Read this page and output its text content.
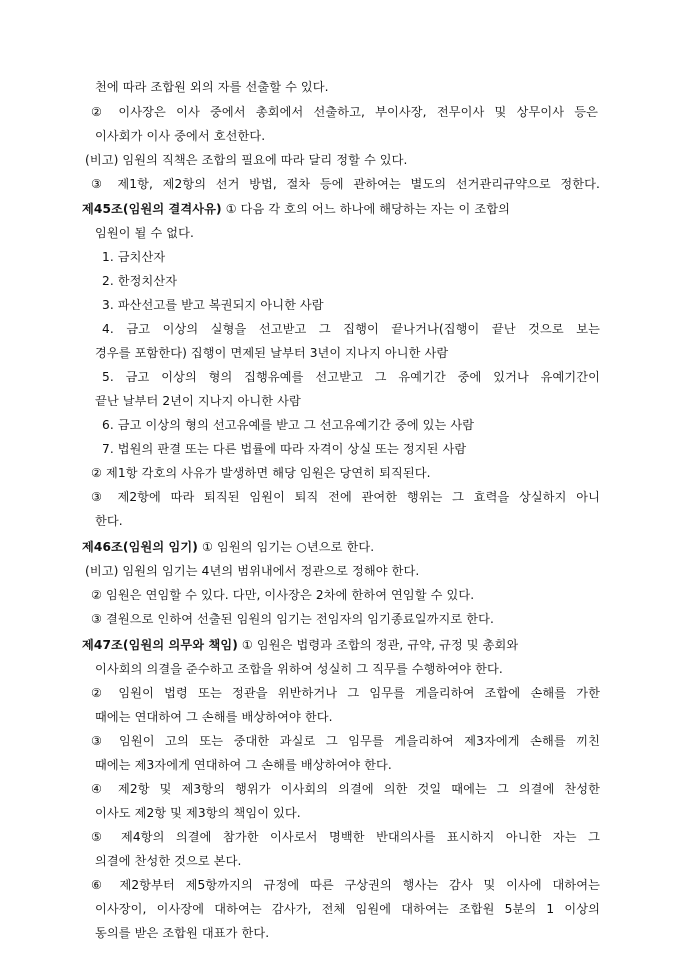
천에 따라 조합원 외의 자를 선출할 수 있다.

② 이사장은 이사 중에서 총회에서 선출하고, 부이사장, 전무이사 및 상무이사 등은

이사회가 이사 중에서 호선한다.

(비고) 임원의 직책은 조합의 필요에 따라 달리 정할 수 있다.

③ 제1항, 제2항의 선거 방법, 절차 등에 관하여는 별도의 선거관리규약으로 정한다.

제45조(임원의 결격사유) ① 다음 각 호의 어느 하나에 해당하는 자는 이 조합의

임원이 될 수 없다.

1. 금치산자

2. 한정치산자

3. 파산선고를 받고 복권되지 아니한 사람

4. 금고 이상의 실형을 선고받고 그 집행이 끝나거나(집행이 끝난 것으로 보는

경우를 포함한다) 집행이 면제된 날부터 3년이 지나지 아니한 사람

5. 금고 이상의 형의 집행유예를 선고받고 그 유예기간 중에 있거나 유예기간이

끝난 날부터 2년이 지나지 아니한 사람

6. 금고 이상의 형의 선고유예를 받고 그 선고유예기간 중에 있는 사람

7. 법원의 판결 또는 다른 법률에 따라 자격이 상실 또는 정지된 사람

② 제1항 각호의 사유가 발생하면 해당 임원은 당연히 퇴직된다.

③ 제2항에 따라 퇴직된 임원이 퇴직 전에 관여한 행위는 그 효력을 상실하지 아니

한다.

제46조(임원의 임기) ① 임원의 임기는 ○년으로 한다.

(비고) 임원의 임기는 4년의 범위내에서 정관으로 정해야 한다.

② 임원은 연임할 수 있다. 다만, 이사장은 2차에 한하여 연임할 수 있다.

③ 결원으로 인하여 선출된 임원의 임기는 전임자의 임기종료일까지로 한다.

제47조(임원의 의무와 책임) ① 임원은 법령과 조합의 정관, 규약, 규정 및 총회와

이사회의 의결을 준수하고 조합을 위하여 성실히 그 직무를 수행하여야 한다.

② 임원이 법령 또는 정관을 위반하거나 그 임무를 게을리하여 조합에 손해를 가한

때에는 연대하여 그 손해를 배상하여야 한다.

③ 임원이 고의 또는 중대한 과실로 그 임무를 게을리하여 제3자에게 손해를 끼친

때에는 제3자에게 연대하여 그 손해를 배상하여야 한다.

④ 제2항 및 제3항의 행위가 이사회의 의결에 의한 것일 때에는 그 의결에 찬성한

이사도 제2항 및 제3항의 책임이 있다.

⑤ 제4항의 의결에 참가한 이사로서 명백한 반대의사를 표시하지 아니한 자는 그

의결에 찬성한 것으로 본다.

⑥ 제2항부터 제5항까지의 규정에 따른 구상권의 행사는 감사 및 이사에 대하여는

이사장이, 이사장에 대하여는 감사가, 전체 임원에 대하여는 조합원 5분의 1 이상의

동의를 받은 조합원 대표가 한다.
